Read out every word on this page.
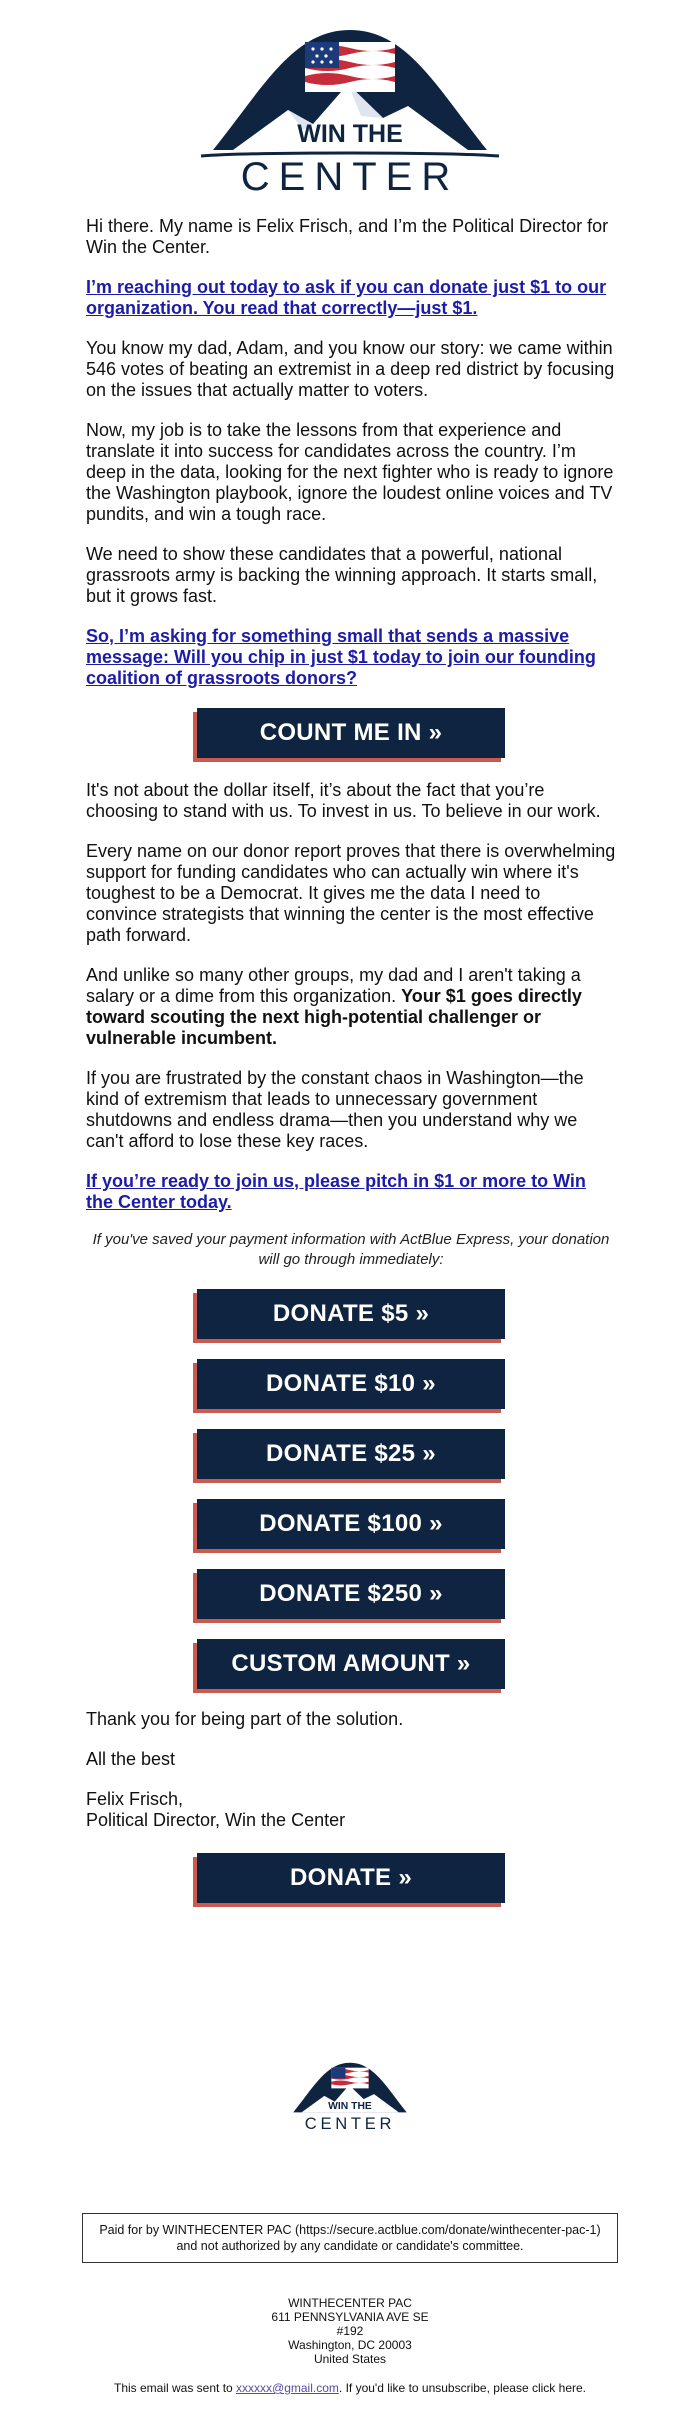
WIN THE
CENTER

Hi there. My name is Felix Frisch, and I’m the Political Director for Win the Center.

I’m reaching out today to ask if you can donate just $1 to our organization. You read that correctly—just $1.

You know my dad, Adam, and you know our story: we came within 546 votes of beating an extremist in a deep red district by focusing on the issues that actually matter to voters.

Now, my job is to take the lessons from that experience and translate it into success for candidates across the country. I’m deep in the data, looking for the next fighter who is ready to ignore the Washington playbook, ignore the loudest online voices and TV pundits, and win a tough race.

We need to show these candidates that a powerful, national grassroots army is backing the winning approach. It starts small, but it grows fast.

So, I’m asking for something small that sends a massive message: Will you chip in just $1 today to join our founding coalition of grassroots donors?

COUNT ME IN »

It's not about the dollar itself, it’s about the fact that you’re choosing to stand with us. To invest in us. To believe in our work.

Every name on our donor report proves that there is overwhelming support for funding candidates who can actually win where it's toughest to be a Democrat. It gives me the data I need to convince strategists that winning the center is the most effective path forward.

And unlike so many other groups, my dad and I aren't taking a salary or a dime from this organization. Your $1 goes directly toward scouting the next high-potential challenger or vulnerable incumbent.

If you are frustrated by the constant chaos in Washington—the kind of extremism that leads to unnecessary government shutdowns and endless drama—then you understand why we can't afford to lose these key races.

If you’re ready to join us, please pitch in $1 or more to Win the Center today.

If you've saved your payment information with ActBlue Express, your donation will go through immediately:

DONATE $5 »
DONATE $10 »
DONATE $25 »
DONATE $100 »
DONATE $250 »
CUSTOM AMOUNT »

Thank you for being part of the solution.

All the best

Felix Frisch,
Political Director, Win the Center

DONATE »
WIN THE
CENTER
Paid for by WINTHECENTER PAC (https://secure.actblue.com/donate/winthecenter-pac-1) and not authorized by any candidate or candidate's committee.
WINTHECENTER PAC
611 PENNSYLVANIA AVE SE
#192
Washington, DC 20003
United States
This email was sent to xxxxxx@gmail.com. If you'd like to unsubscribe, please click here.
